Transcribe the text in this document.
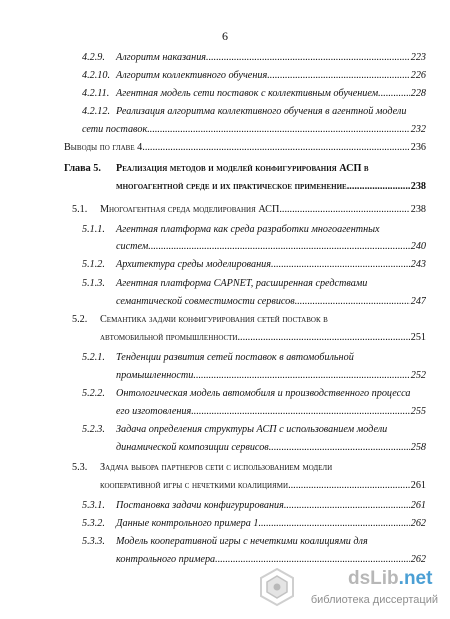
6
4.2.9.	Алгоритм наказания .....	223
4.2.10. Алгоритм коллективного обучения .....	226
4.2.11. Агентная модель сети поставок с коллективным обучением .....	228
4.2.12. Реализация алгоритма коллективного обучения в агентной модели
сети поставок .....	232
Выводы по главе 4 .....	236
Глава 5.	Реализация методов и моделей конфигурирования АСП в
многоагентной среде и их практическое применение .....	238
5.1.	Многоагентная среда моделирования АСП .....	238
5.1.1.	Агентная платформа как среда разработки многоагентных
систем .....	240
5.1.2.	Архитектура среды моделирования .....	243
5.1.3.	Агентная платформа CAPNET, расширенная средствами
семантической совместимости сервисов .....	247
5.2.	Семантика задачи конфигурирования сетей поставок в
автомобильной промышленности .....	251
5.2.1.	Тенденции развития сетей поставок в автомобильной
промышленности .....	252
5.2.2.	Онтологическая модель автомобиля и производственного процесса
его изготовления .....	255
5.2.3.	Задача определения структуры АСП с использованием модели
динамической композиции сервисов .....	258
5.3.	Задача выбора партнеров сети с использованием модели
кооперативной игры с нечеткими коалициями .....	261
5.3.1.	Постановка задачи конфигурирования .....	261
5.3.2.	Данные контрольного примера 1 .....	262
5.3.3.	Модель кооперативной игры с нечеткими коалициями для
контрольного примера .....	262
dsLib.net
библиотека диссертаций
